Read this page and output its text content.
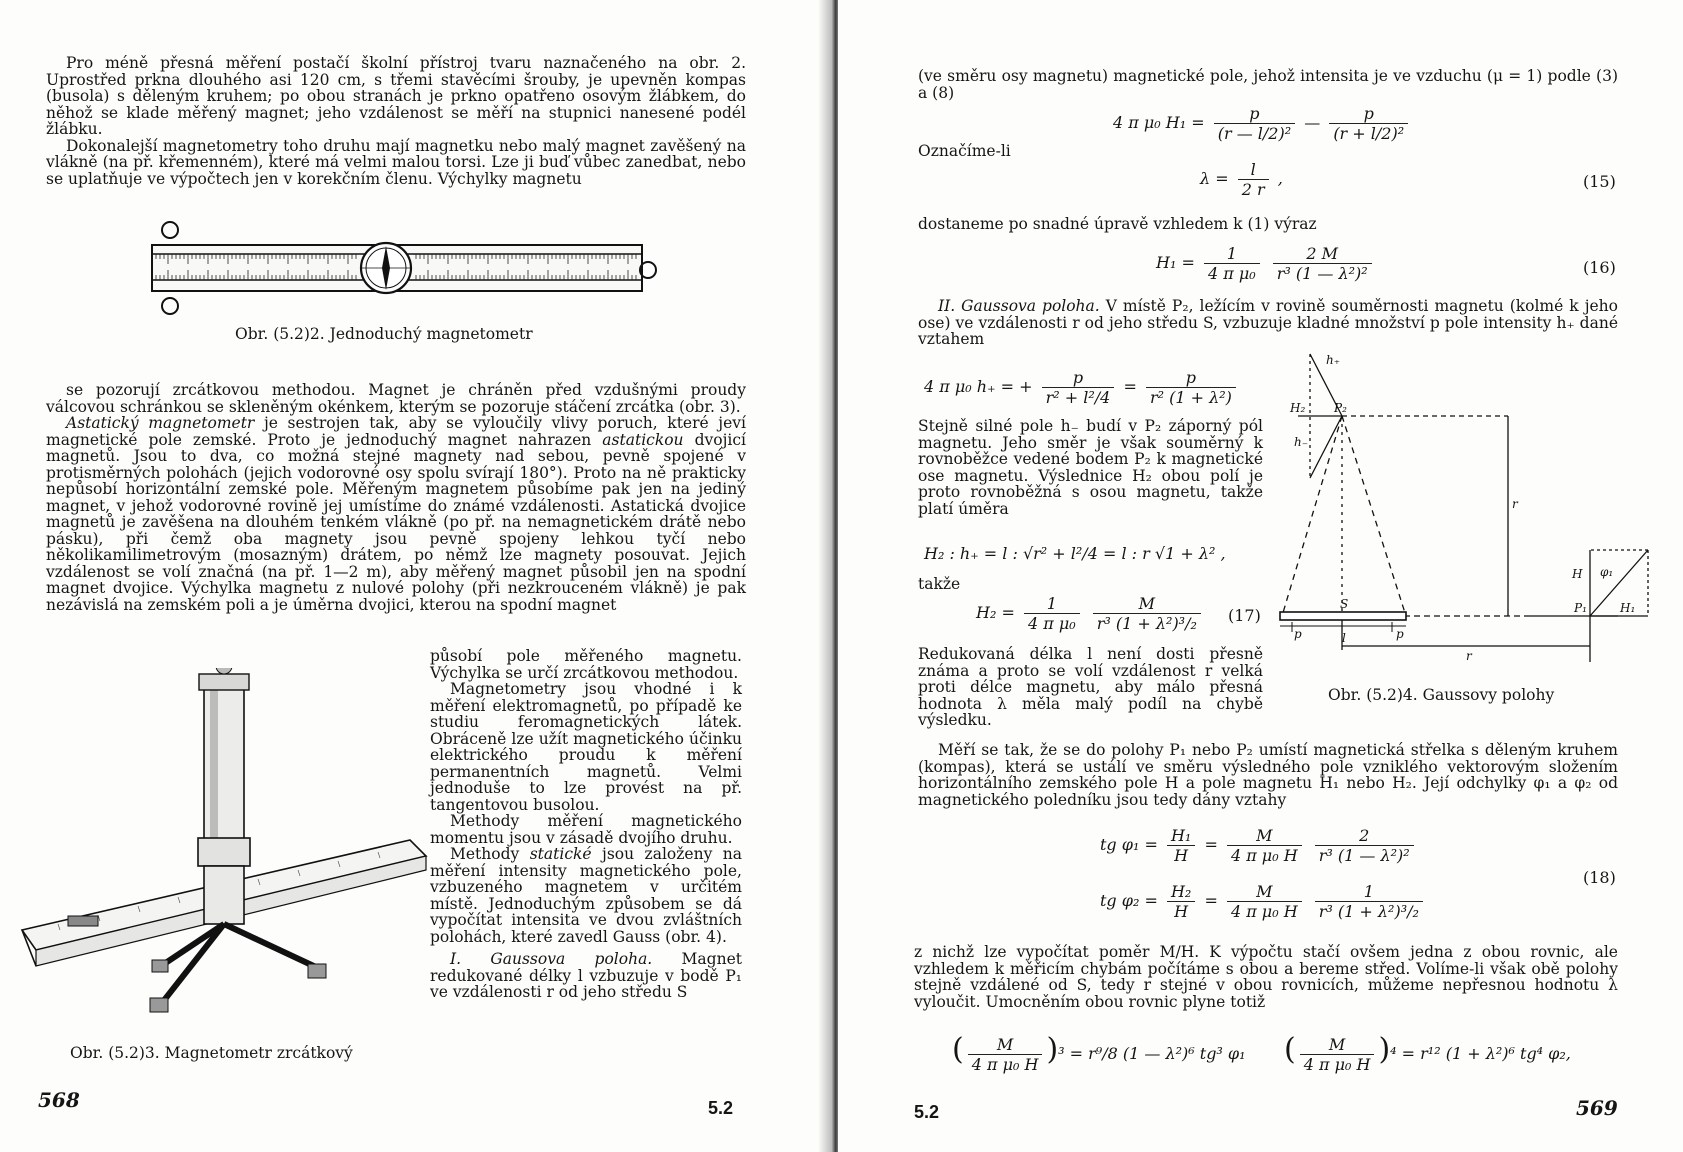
Pro méně přesná měření postačí školní přístroj tvaru naznačeného na obr. 2. Uprostřed prkna dlouhého asi 120 cm, s třemi stavěcími šrouby, je upevněn kompas (busola) s děleným kruhem; po obou stranách je prkno opatřeno osovým žlábkem, do něhož se klade měřený magnet; jeho vzdálenost se měří na stupnici nanesené podél žlábku.

Dokonalejší magnetometry toho druhu mají magnetku nebo malý magnet zavěšený na vlákně (na př. křemenném), které má velmi malou torsi. Lze ji buď vůbec zanedbat, nebo se uplatňuje ve výpočtech jen v korekčním členu. Výchylky magnetu

Obr. (5.2)2. Jednoduchý magnetometr

se pozorují zrcátkovou methodou. Magnet je chráněn před vzdušnými proudy válcovou schránkou se skleněným okénkem, kterým se pozoruje stáčení zrcátka (obr. 3).

Astatický magnetometr je sestrojen tak, aby se vyloučily vlivy poruch, které jeví magnetické pole zemské. Proto je jednoduchý magnet nahrazen astatickou dvojicí magnetů. Jsou to dva, co možná stejné magnety nad sebou, pevně spojené v protisměrných polohách (jejich vodorovné osy spolu svírají 180°). Proto na ně prakticky nepůsobí horizontální zemské pole. Měřeným magnetem působíme pak jen na jediný magnet, v jehož vodorovné rovině jej umístíme do známé vzdálenosti. Astatická dvojice magnetů je zavěšena na dlouhém tenkém vlákně (po př. na nemagnetickém drátě nebo pásku), při čemž oba magnety jsou pevně spojeny lehkou tyčí nebo několikamilimetrovým (mosazným) drátem, po němž lze magnety posouvat. Jejich vzdálenost se volí značná (na př. 1—2 m), aby měřený magnet působil jen na spodní magnet dvojice. Výchylka magnetu z nulové polohy (při nezkrouceném vlákně) je pak nezávislá na zemském poli a je úměrna dvojici, kterou na spodní magnet

působí pole měřeného magnetu. Výchylka se určí zrcátkovou methodou.

Magnetometry jsou vhodné i k měření elektromagnetů, po případě ke studiu feromagnetických látek. Obráceně lze užít magnetického účinku elektrického proudu k měření permanentních magnetů. Velmi jednoduše to lze provést na př. tangentovou busolou.

Methody měření magnetického momentu jsou v zásadě dvojího druhu.

Methody statické jsou založeny na měření intensity magnetického pole, vzbuzeného magnetem v určitém místě. Jednoduchým způsobem se dá vypočítat intensita ve dvou zvláštních polohách, které zavedl Gauss (obr. 4).

I. Gaussova poloha. Magnet redukované délky l vzbuzuje v bodě P₁ ve vzdálenosti r od jeho středu S

Obr. (5.2)3. Magnetometr zrcátkový
568	5.2
(ve směru osy magnetu) magnetické pole, jehož intensita je ve vzduchu (μ = 1) podle (3) a (8)
4 π μ₀ $H_1 = \frac{p}{\text{(r — l/2)²}}$ — $\frac{p}{\text{(r + l/2)²}}$
Označíme-li
$\lambda = \frac{l}{2 r}$ ,	(15)
dostaneme po snadné úpravě vzhledem k (1) výraz
$H_1 = \frac{1}{\text{4 π μ₀}}$
$\frac{2 M}{\text{r³ (1 — λ²)²}}$	(16)

II. Gaussova poloha. V místě P₂, ležícím v rovině souměrnosti magnetu (kolmé k jeho ose) ve vzdálenosti r od jeho středu S, vzbuzuje kladné množství p pole intensity h₊ dané vztahem

4 π μ₀ h₊ = + $\frac{p}{\text{r² + l²/4}} = \frac{p}{\text{r² (1 + λ²)}}$
Stejně silné pole h₋ budí v P₂ záporný pól magnetu. Jeho směr je však souměrný k rovnoběžce vedené bodem P₂ k magnetické ose magnetu. Výslednice H₂ obou polí je proto rovnoběžná s osou magnetu, takže platí úměra
H₂ : h₊ = l : √r² + l²/4 = l : r √1 + λ² ,
takže
$H_2 = \frac{1}{\text{4 π μ₀}}$
$\frac{M}{\text{r³ (1 + λ²)³/₂}} (17)$
Redukovaná délka l není dosti přesně známa a proto se volí vzdálenost r velká proti délce magnetu, aby málo přesná hodnota λ měla malý podíl na chybě výsledku.
h₊
H₂ P₂
h₋
r
H φ₁
P₁	H₁
S
p	l	p
r
Obr. (5.2)4. Gaussovy polohy

Měří se tak, že se do polohy P₁ nebo P₂ umístí magnetická střelka s děleným kruhem (kompas), která se ustálí ve směru výsledného pole vzniklého vektorovým složením horizontálního zemského pole H a pole magnetu H₁ nebo H₂. Její odchylky φ₁ a φ₂ od magnetického poledníku jsou tedy dány vztahy

tg $\varphi_1 = \frac{\text{H₁}}{H} = \frac{M}{\text{4 π μ₀ H}}$
$\frac{2}{\text{r³ (1 — λ²)²}}$
tg $\varphi_2 = \frac{\text{H₂}}{H} = \frac{M}{\text{4 π μ₀ H}}$
$\frac{1}{\text{r³ (1 + λ²)³/₂}}$
(18)
z nichž lze vypočítat poměr M/H. K výpočtu stačí ovšem jedna z obou rovnic, ale vzhledem k měřicím chybám počítáme s obou a bereme střed. Volíme-li však obě polohy stejně vzdálené od S, tedy r stejné v obou rovnicích, můžeme nepřesnou hodnotu λ vyloučit. Umocněním obou rovnic plyne totiž
( $\frac{M}{\text{4 π μ₀ H}} )^3 = r^9/8$ (1 — λ²)⁶ tg³ φ₁ ( $\frac{M}{\text{4 π μ₀ H}} )^4 = r^{12}$ (1 + λ²)⁶ tg⁴ φ₂,
5.2	569
